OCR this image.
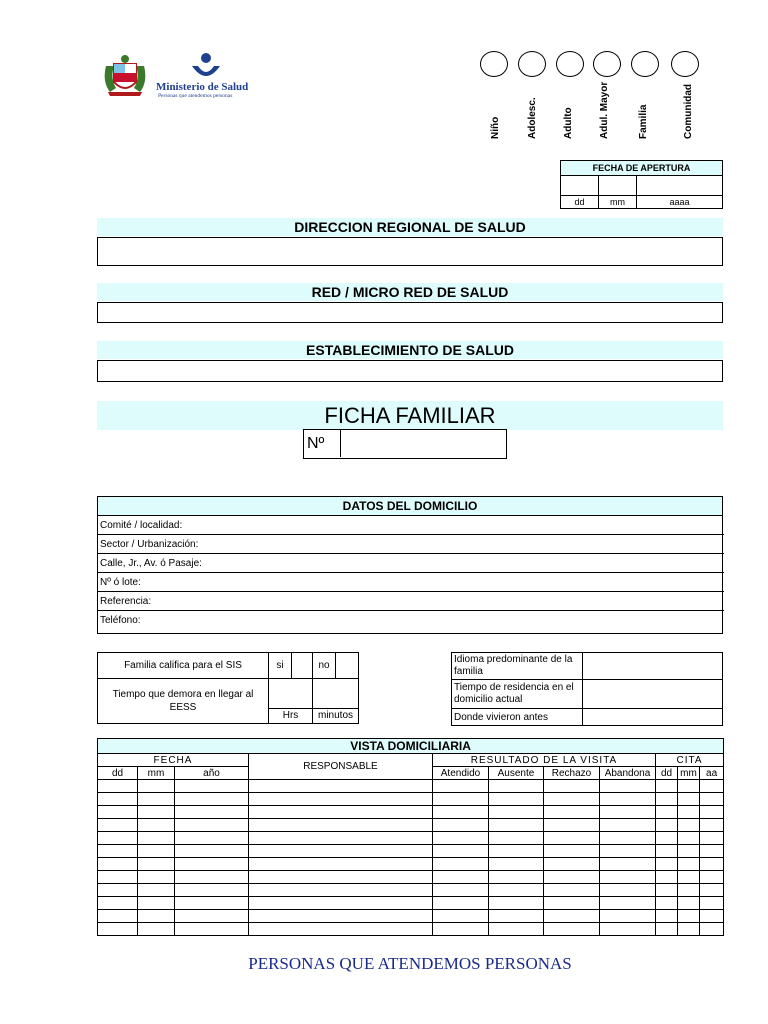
Ministerio de Salud
Personas que atendemos personas
Niño	Adolesc.	Adulto	Adul. Mayor	Familia	Comunidad
FECHA DE APERTURA		

dd	mm	aaaa
DIRECCION REGIONAL DE SALUD
RED / MICRO RED DE SALUD
ESTABLECIMIENTO DE SALUD
FICHA FAMILIAR
Nº
DATOS DEL DOMICILIO
Comité / localidad:
Sector / Urbanización:
Calle, Jr., Av. ó Pasaje:
Nº ó lote:
Referencia:
Teléfono:
Familia califica para el SIS	si		no	
Tiempo que demora en llegar al EESS				
	Hrs		minutos	
Idioma predominante de la familia	
Tiempo de residencia en el domicilio actual	
Donde vivieron antes	
VISTA DOMICILIARIA										
FECHA			RESPONSABLE	RESULTADO DE LA VISITA				CITA		
dd	mm	año		Atendido	Ausente	Rechazo	Abandona	dd	mm	aa

PERSONAS QUE ATENDEMOS PERSONAS
